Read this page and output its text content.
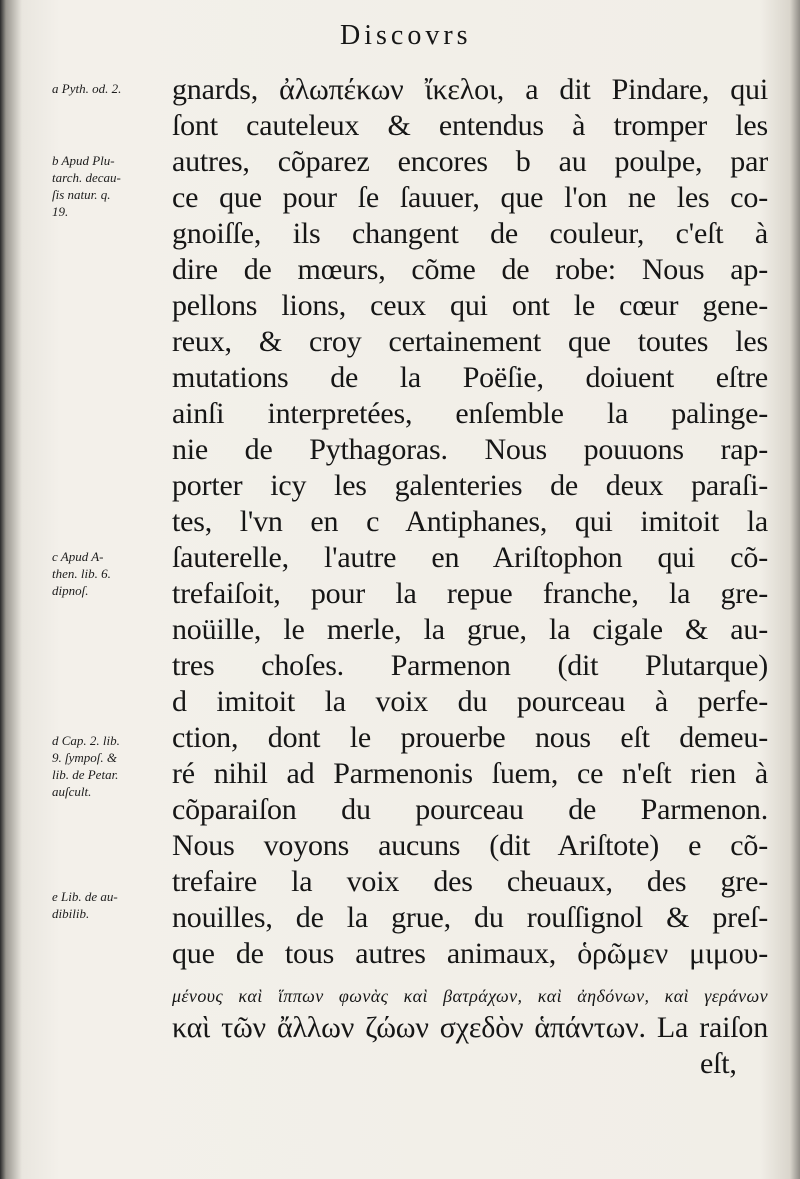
Discovrs
gnards, ἀλωπέκων ἴκελοι, a dit Pindare, qui
ſont cauteleux & entendus à tromper les
autres, cõparez encores b au poulpe, par
ce que pour ſe ſauuer, que l'on ne les co-
gnoiſſe, ils changent de couleur, c'eſt à
dire de mœurs, cõme de robe: Nous ap-
pellons lions, ceux qui ont le cœur gene-
reux, & croy certainement que toutes les
mutations de la Poëſie, doiuent eſtre
ainſi interpretées, enſemble la palinge-
nie de Pythagoras. Nous pouuons rap-
porter icy les galenteries de deux paraſi-
tes, l'vn en c Antiphanes, qui imitoit la
ſauterelle, l'autre en Ariſtophon qui cõ-
trefaiſoit, pour la repue franche, la gre-
noüille, le merle, la grue, la cigale & au-
tres choſes. Parmenon (dit Plutarque)
d imitoit la voix du pourceau à perfe-
ction, dont le prouerbe nous eſt demeu-
ré nihil ad Parmenonis ſuem, ce n'eſt rien à
cõparaiſon du pourceau de Parmenon.
Nous voyons aucuns (dit Ariſtote) e cõ-
trefaire la voix des cheuaux, des gre-
nouilles, de la grue, du rouſſignol & preſ-
que de tous autres animaux, ὁρῶμεν μιμου-
μένους καὶ ἵππων φωνὰς καὶ βατράχων, καὶ ἀηδόνων, καὶ γεράνων
καὶ τῶν ἄλλων ζώων σχεδὸν ἁπάντων. La raiſon
eſt,
a Pyth. od. 2.
b Apud Plu-
tarch. decau-
ſis natur. q.
19.
c Apud A-
then. lib. 6.
dipnoſ.
d Cap. 2. lib.
9. ſympoſ. &
lib. de Petar.
auſcult.
e Lib. de au-
dibilib.
